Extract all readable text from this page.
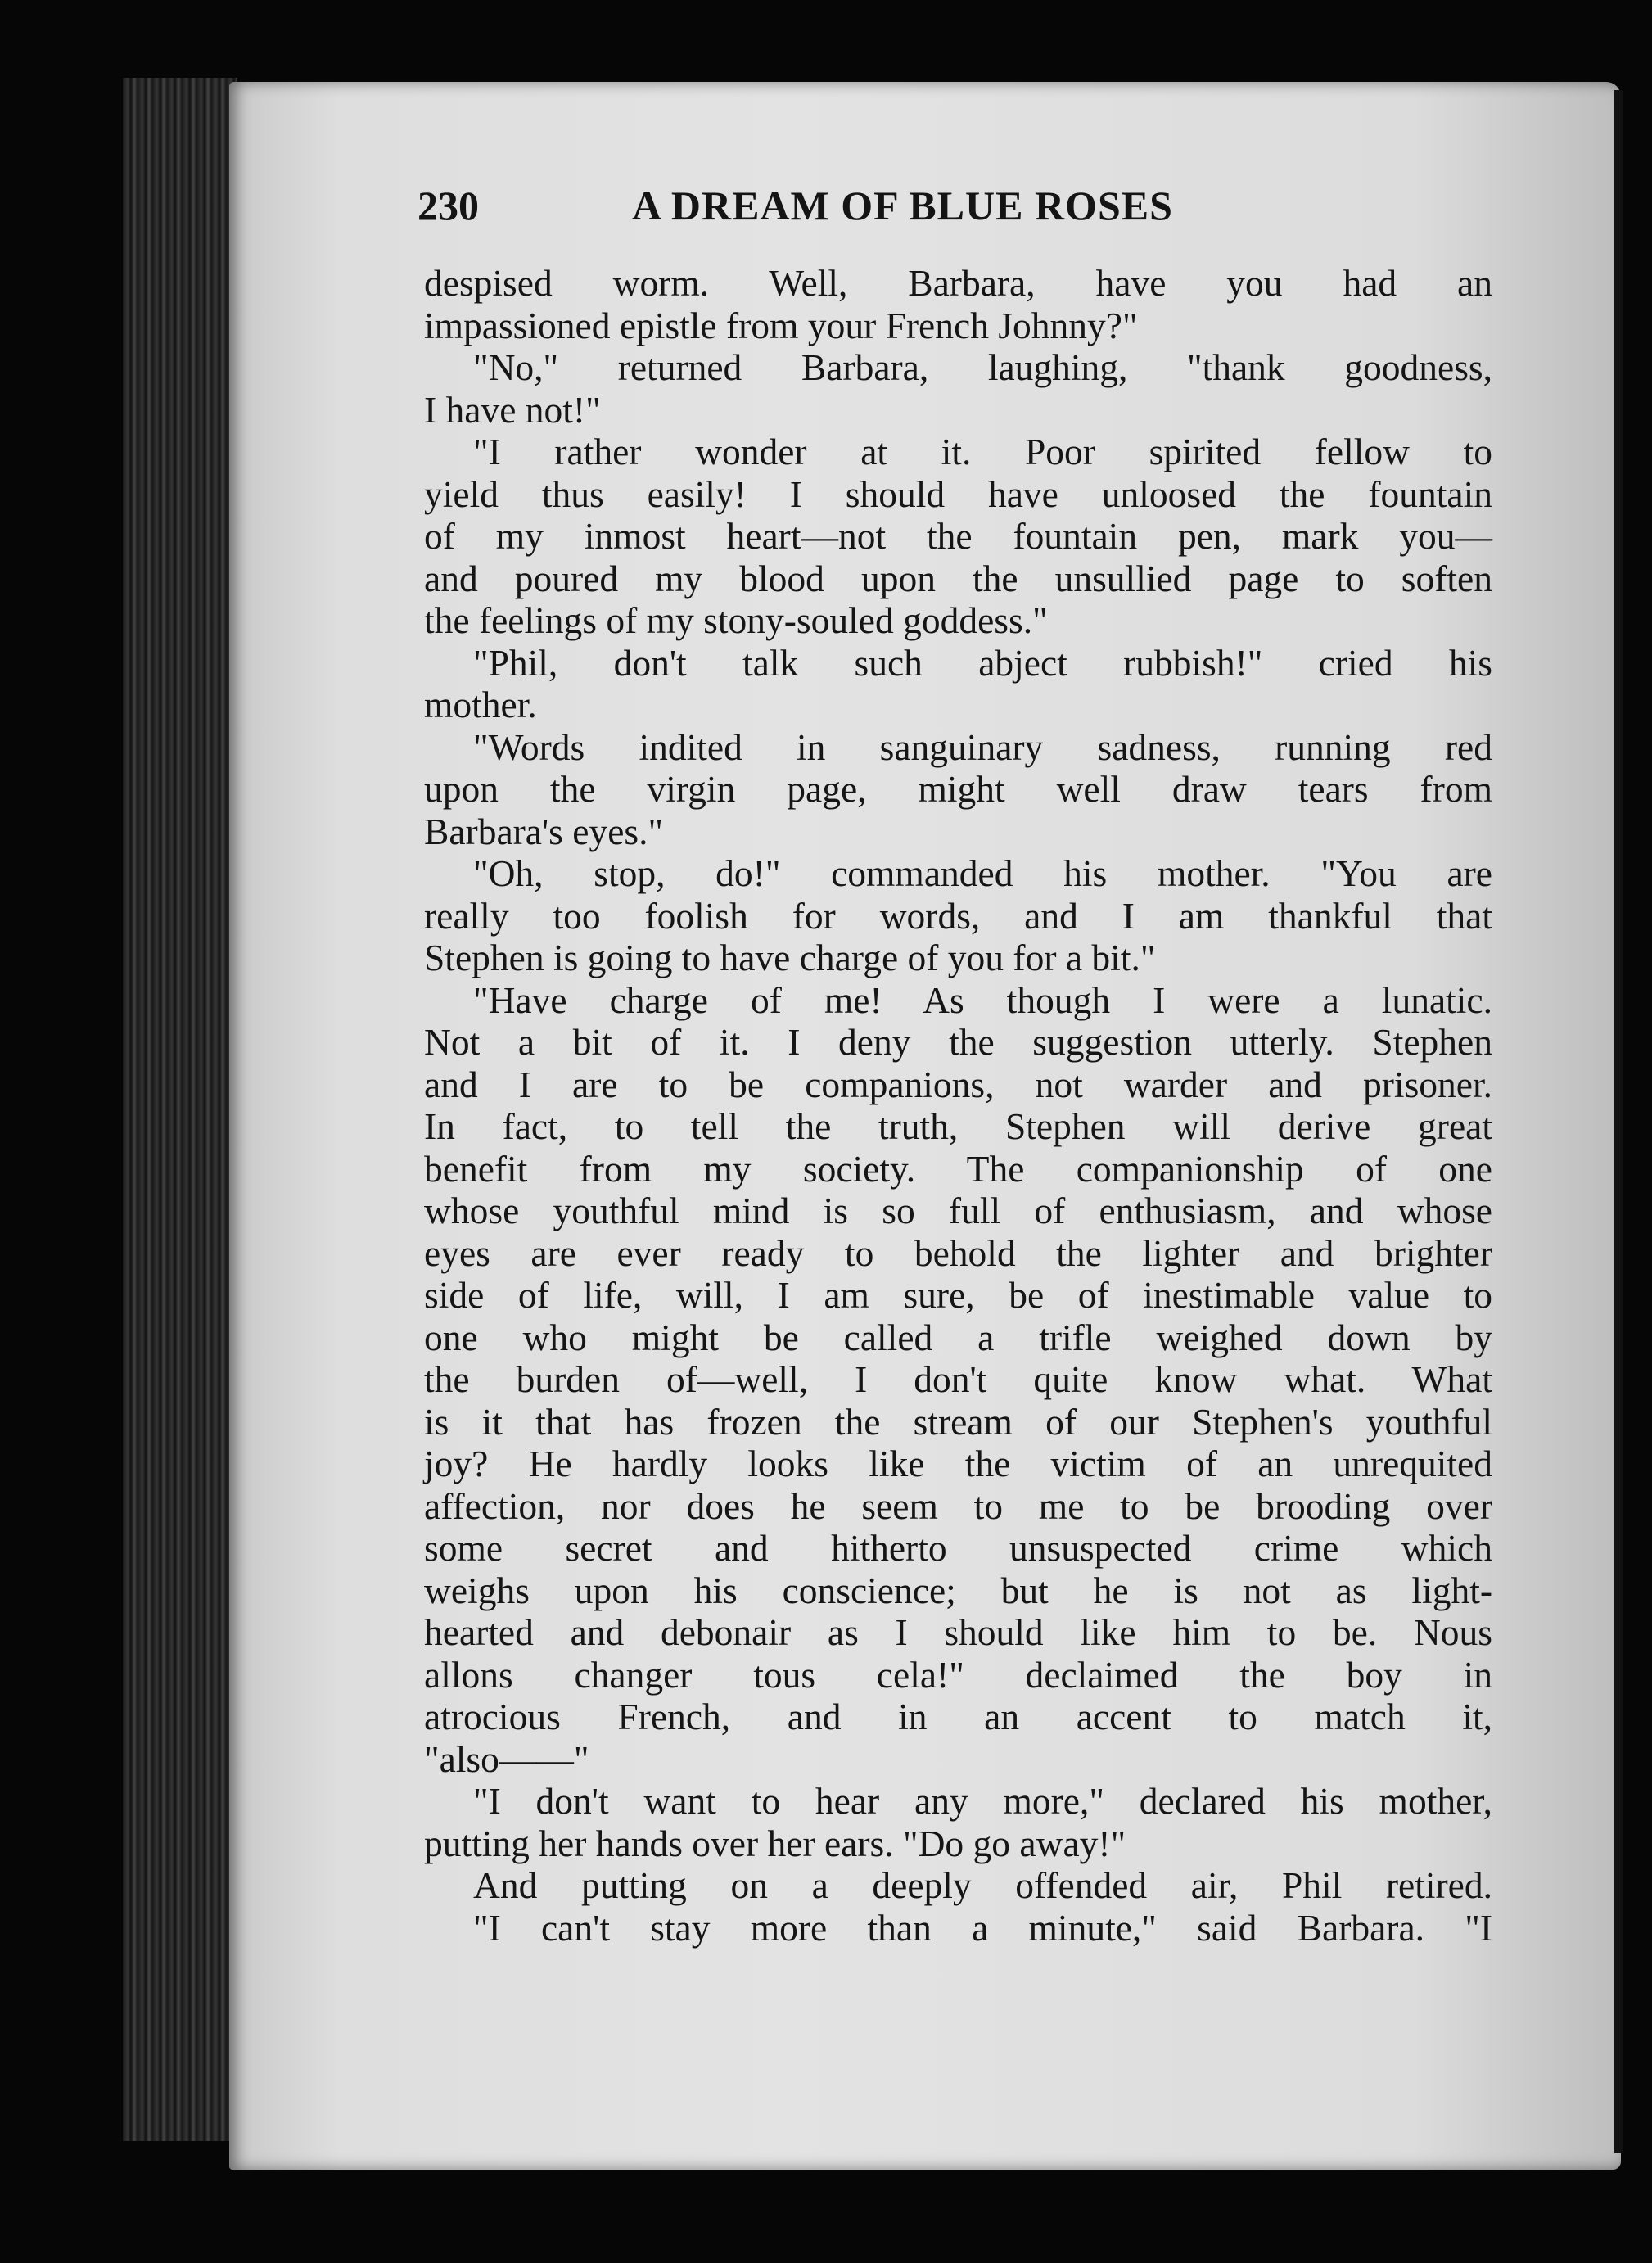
230	A DREAM OF BLUE ROSES
despised worm. Well, Barbara, have you had an
impassioned epistle from your French Johnny?"
"No," returned Barbara, laughing, "thank goodness,
I have not!"
"I rather wonder at it. Poor spirited fellow to
yield thus easily! I should have unloosed the fountain
of my inmost heart—not the fountain pen, mark you—
and poured my blood upon the unsullied page to soften
the feelings of my stony-souled goddess."
"Phil, don't talk such abject rubbish!" cried his
mother.
"Words indited in sanguinary sadness, running red
upon the virgin page, might well draw tears from
Barbara's eyes."
"Oh, stop, do!" commanded his mother. "You are
really too foolish for words, and I am thankful that
Stephen is going to have charge of you for a bit."
"Have charge of me! As though I were a lunatic.
Not a bit of it. I deny the suggestion utterly. Stephen
and I are to be companions, not warder and prisoner.
In fact, to tell the truth, Stephen will derive great
benefit from my society. The companionship of one
whose youthful mind is so full of enthusiasm, and whose
eyes are ever ready to behold the lighter and brighter
side of life, will, I am sure, be of inestimable value to
one who might be called a trifle weighed down by
the burden of—well, I don't quite know what. What
is it that has frozen the stream of our Stephen's youthful
joy? He hardly looks like the victim of an unrequited
affection, nor does he seem to me to be brooding over
some secret and hitherto unsuspected crime which
weighs upon his conscience; but he is not as light-
hearted and debonair as I should like him to be. Nous
allons changer tous cela!" declaimed the boy in
atrocious French, and in an accent to match it,
"also——"
"I don't want to hear any more," declared his mother,
putting her hands over her ears. "Do go away!"
And putting on a deeply offended air, Phil retired.
"I can't stay more than a minute," said Barbara. "I
